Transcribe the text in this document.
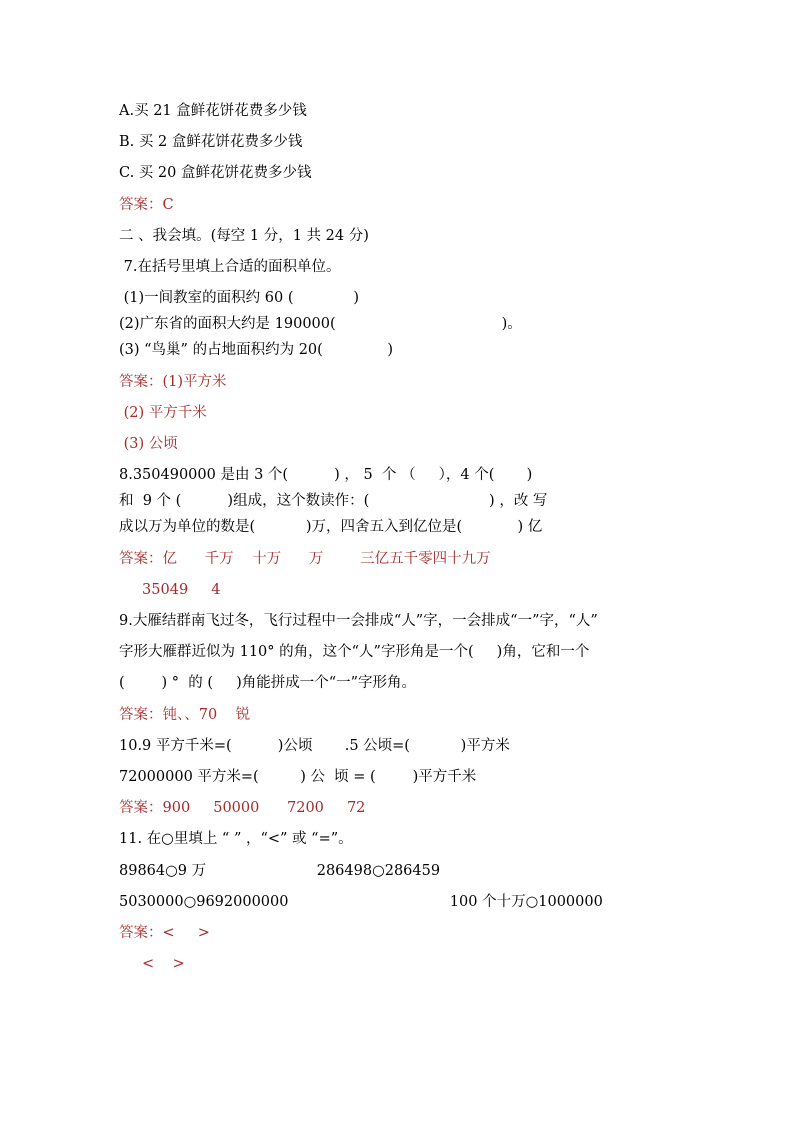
A.买 21 盒鲜花饼花费多少钱
B. 买 2 盒鲜花饼花费多少钱
C. 买 20 盒鲜花饼花费多少钱
答案：C
二 、我会填。(每空 1 分，1 共 24 分)
7.在括号里填上合适的面积单位。
(1)一间教室的面积约 60 (             )
(2)广东省的面积大约是 190000(                                    )。
(3) “鸟巢” 的占地面积约为 20(              )
答案：(1)平方米
(2) 平方千米
(3) 公顷
8.350490000 是由 3 个(          ) ， 5  个 （     ），4 个(       )
和  9 个 (          )组成，这个数读作：(                          ) ，改 写
成以万为单位的数是(           )万，四舍五入到亿位是(            ) 亿
答案：亿      千万    十万      万        三亿五千零四十九万
35049     4
9.大雁结群南飞过冬，飞行过程中一会排成“人”字，一会排成“一”字，“人”
字形大雁群近似为 110° 的角，这个“人”字形角是一个(     )角，它和一个
(        ) °  的 (     )角能拼成一个“一”字形角。
答案：钝、、70    锐
10.9 平方千米=(          )公顷       .5 公顷=(           )平方米
72000000 平方米=(         ) 公  顷 = (        )平方千米
答案：900     50000      7200     72
11. 在○里填上 “ ” ，“<” 或 “=”。
89864○9 万                        286498○286459
5030000○9692000000                                   100 个十万○1000000
答案：<     >
<    >
